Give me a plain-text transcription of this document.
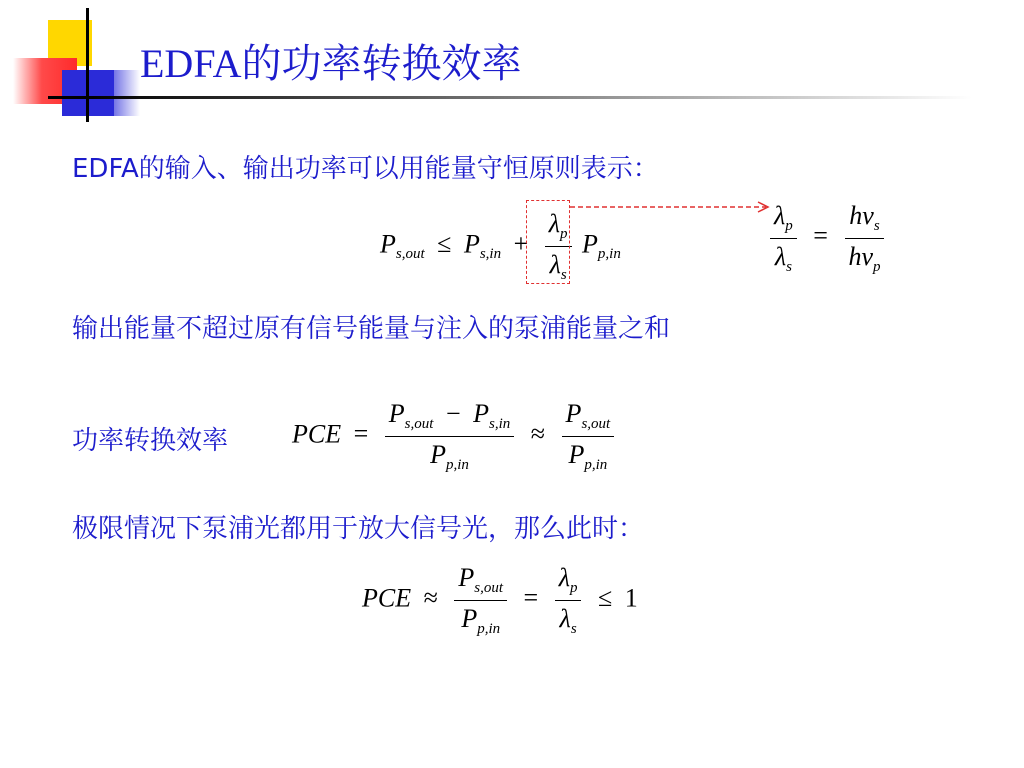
EDFA的功率转换效率
EDFA的输入、输出功率可以用能量守恒原则表示：
$P_{s,out} \le P_{s,in} + \frac{\lambda_p}{\lambda_s} P_{p,in}$	$\frac{\lambda_p}{\lambda_s} = \frac{hv_s}{hv_p}$
输出能量不超过原有信号能量与注入的泵浦能量之和
功率转换效率 PCE = $\frac{P_{s,out} - P_{s,in}}{P_{p,in}} \approx \frac{P_{s,out}}{P_{p,in}}$
极限情况下泵浦光都用于放大信号光，那么此时：
PCE ≈ $\frac{P_{s,out}}{P_{p,in}} = \frac{\lambda_p}{\lambda_s} \le 1$
